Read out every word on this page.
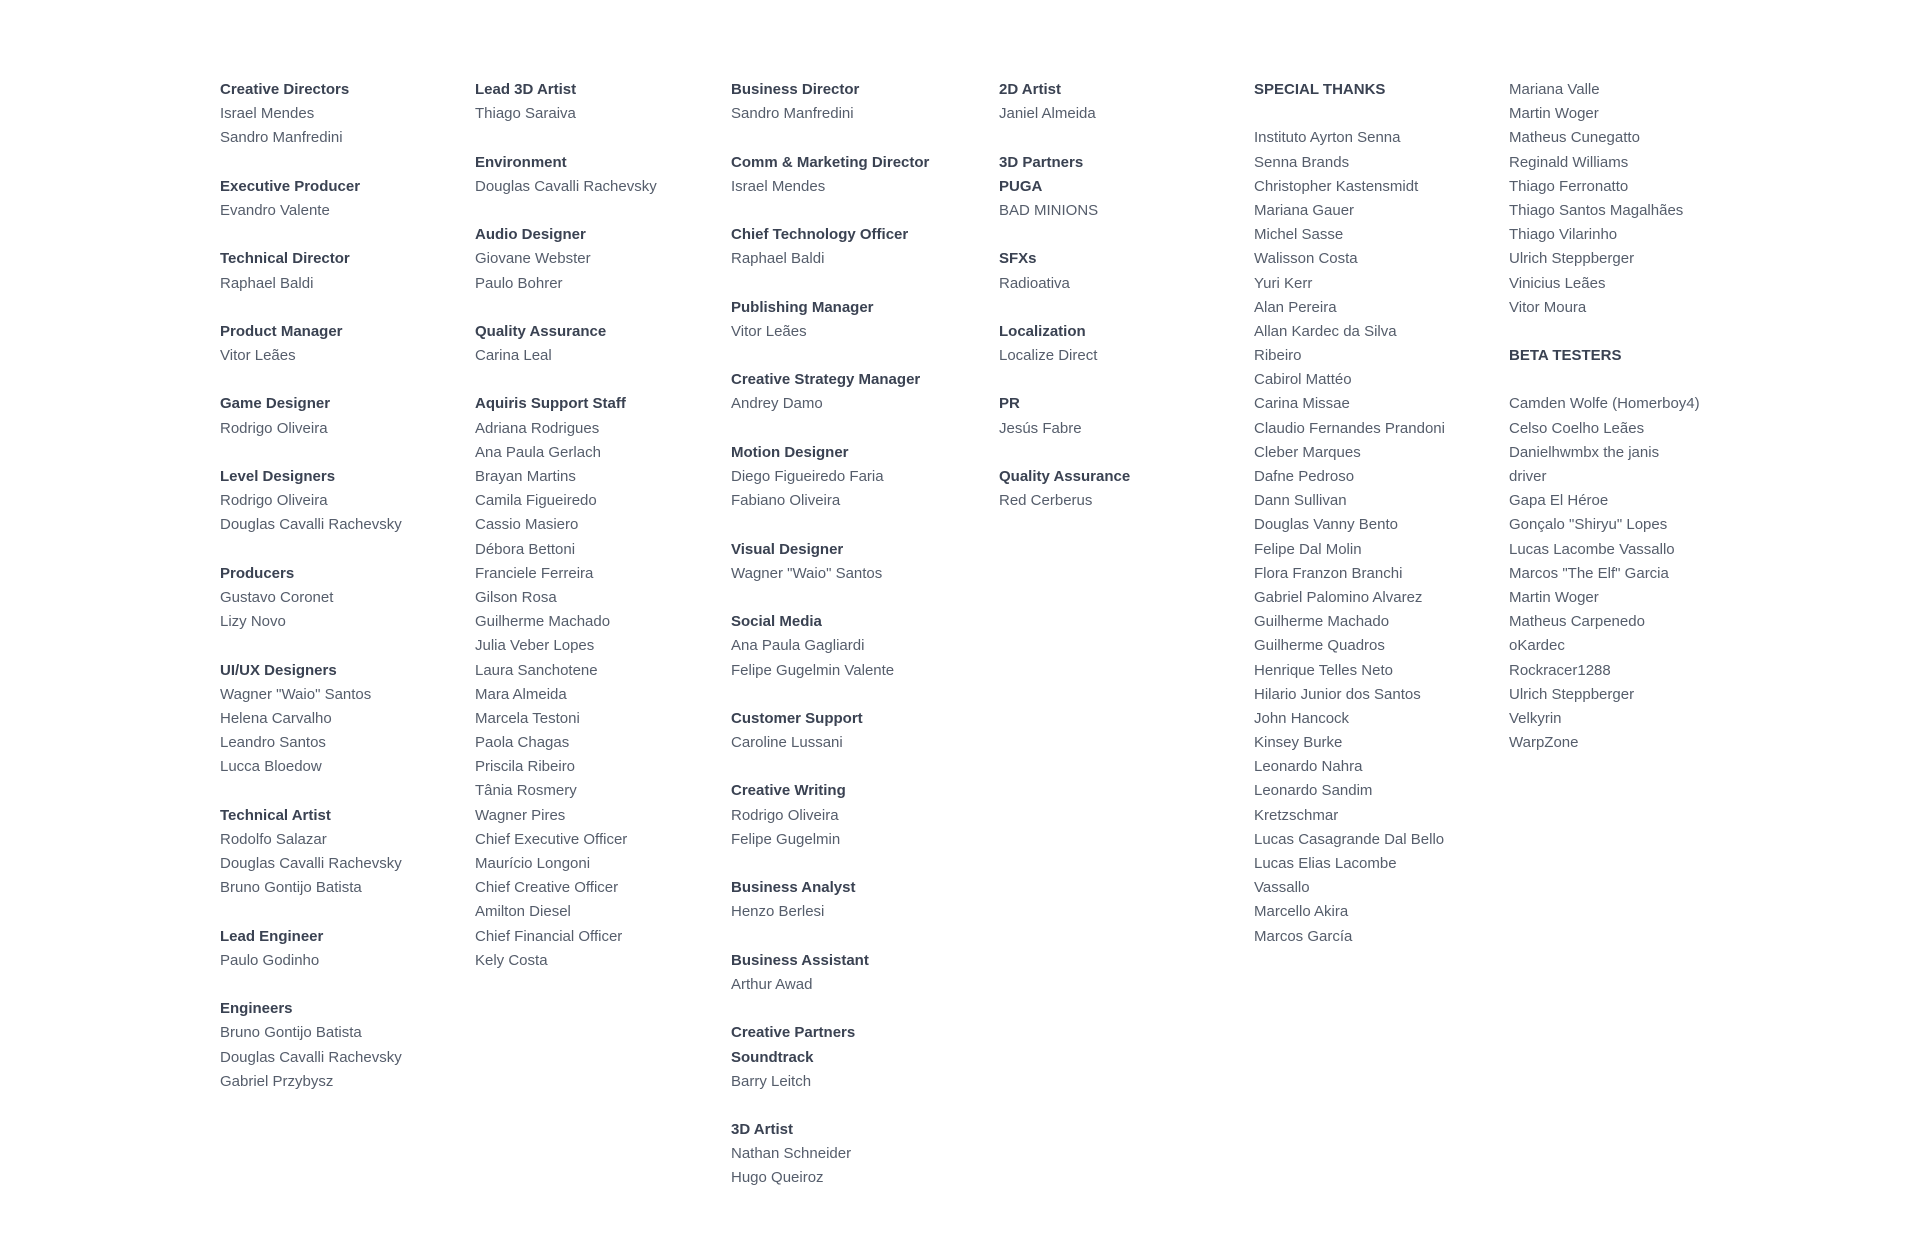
Creative Directors
Israel Mendes
Sandro Manfredini
Executive Producer
Evandro Valente
Technical Director
Raphael Baldi
Product Manager
Vitor Leães
Game Designer
Rodrigo Oliveira
Level Designers
Rodrigo Oliveira
Douglas Cavalli Rachevsky
Producers
Gustavo Coronet
Lizy Novo
UI/UX Designers
Wagner "Waio" Santos
Helena Carvalho
Leandro Santos
Lucca Bloedow
Technical Artist
Rodolfo Salazar
Douglas Cavalli Rachevsky
Bruno Gontijo Batista
Lead Engineer
Paulo Godinho
Engineers
Bruno Gontijo Batista
Douglas Cavalli Rachevsky
Gabriel Przybysz
Lead 3D Artist
Thiago Saraiva
Environment
Douglas Cavalli Rachevsky
Audio Designer
Giovane Webster
Paulo Bohrer
Quality Assurance
Carina Leal
Aquiris Support Staff
Adriana Rodrigues
Ana Paula Gerlach
Brayan Martins
Camila Figueiredo
Cassio Masiero
Débora Bettoni
Franciele Ferreira
Gilson Rosa
Guilherme Machado
Julia Veber Lopes
Laura Sanchotene
Mara Almeida
Marcela Testoni
Paola Chagas
Priscila Ribeiro
Tânia Rosmery
Wagner Pires
Chief Executive Officer
Maurício Longoni
Chief Creative Officer
Amilton Diesel
Chief Financial Officer
Kely Costa
Business Director
Sandro Manfredini
Comm & Marketing Director
Israel Mendes
Chief Technology Officer
Raphael Baldi
Publishing Manager
Vitor Leães
Creative Strategy Manager
Andrey Damo
Motion Designer
Diego Figueiredo Faria
Fabiano Oliveira
Visual Designer
Wagner "Waio" Santos
Social Media
Ana Paula Gagliardi
Felipe Gugelmin Valente
Customer Support
Caroline Lussani
Creative Writing
Rodrigo Oliveira
Felipe Gugelmin
Business Analyst
Henzo Berlesi
Business Assistant
Arthur Awad
Creative Partners
Soundtrack
Barry Leitch
3D Artist
Nathan Schneider
Hugo Queiroz
2D Artist
Janiel Almeida
3D Partners
PUGA
BAD MINIONS
SFXs
Radioativa
Localization
Localize Direct
PR
Jesús Fabre
Quality Assurance
Red Cerberus
SPECIAL THANKS
Instituto Ayrton Senna
Senna Brands
Christopher Kastensmidt
Mariana Gauer
Michel Sasse
Walisson Costa
Yuri Kerr
Alan Pereira
Allan Kardec da Silva
Ribeiro
Cabirol Mattéo
Carina Missae
Claudio Fernandes Prandoni
Cleber Marques
Dafne Pedroso
Dann Sullivan
Douglas Vanny Bento
Felipe Dal Molin
Flora Franzon Branchi
Gabriel Palomino Alvarez
Guilherme Machado
Guilherme Quadros
Henrique Telles Neto
Hilario Junior dos Santos
John Hancock
Kinsey Burke
Leonardo Nahra
Leonardo Sandim
Kretzschmar
Lucas Casagrande Dal Bello
Lucas Elias Lacombe
Vassallo
Marcello Akira
Marcos García
Mariana Valle
Martin Woger
Matheus Cunegatto
Reginald Williams
Thiago Ferronatto
Thiago Santos Magalhães
Thiago Vilarinho
Ulrich Steppberger
Vinicius Leães
Vitor Moura
BETA TESTERS
Camden Wolfe (Homerboy4)
Celso Coelho Leães
Danielhwmbx the janis
driver
Gapa El Héroe
Gonçalo "Shiryu" Lopes
Lucas Lacombe Vassallo
Marcos "The Elf" Garcia
Martin Woger
Matheus Carpenedo
oKardec
Rockracer1288
Ulrich Steppberger
Velkyrin
WarpZone
